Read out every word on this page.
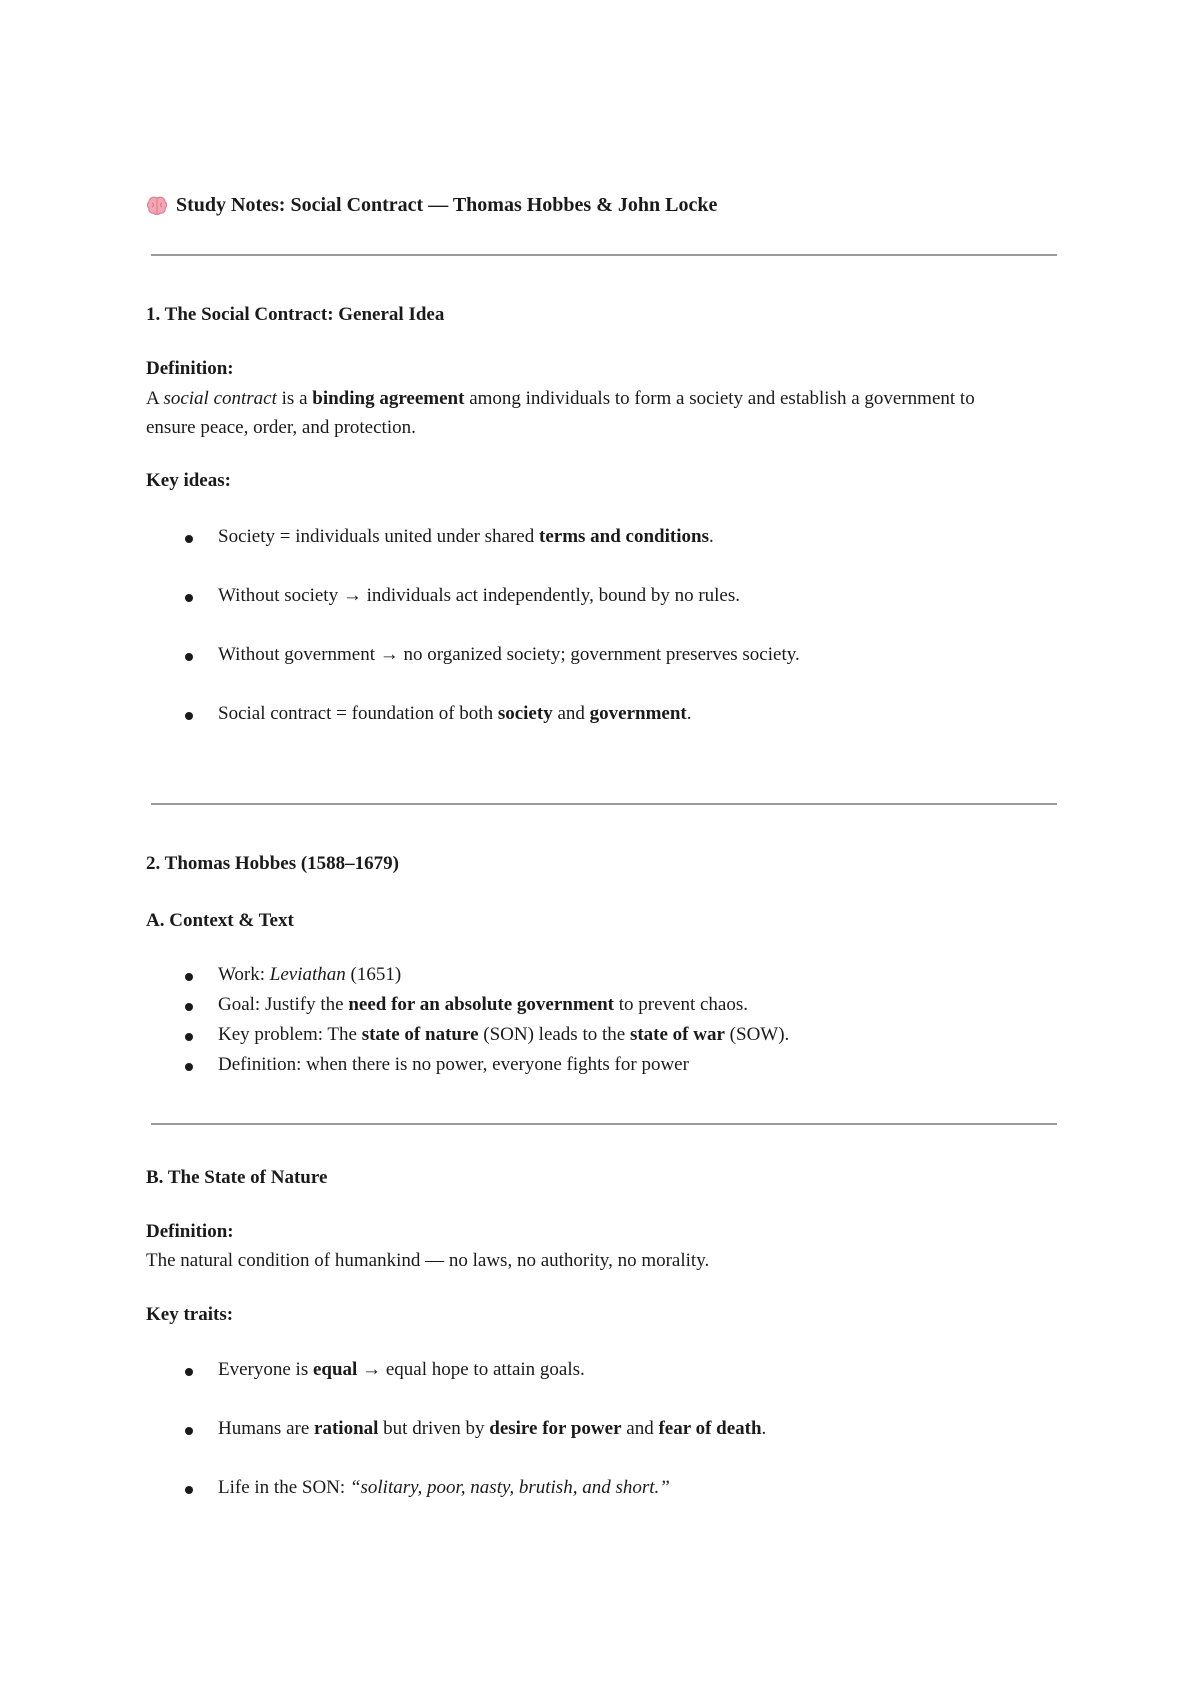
Study Notes: Social Contract — Thomas Hobbes & John Locke
1. The Social Contract: General Idea
Definition:
A social contract is a binding agreement among individuals to form a society and establish a government to ensure peace, order, and protection.
Key ideas:
Society = individuals united under shared terms and conditions.
Without society → individuals act independently, bound by no rules.
Without government → no organized society; government preserves society.
Social contract = foundation of both society and government.
2. Thomas Hobbes (1588–1679)
A. Context & Text
Work: Leviathan (1651)
Goal: Justify the need for an absolute government to prevent chaos.
Key problem: The state of nature (SON) leads to the state of war (SOW).
Definition: when there is no power, everyone fights for power
B. The State of Nature
Definition:
The natural condition of humankind — no laws, no authority, no morality.
Key traits:
Everyone is equal → equal hope to attain goals.
Humans are rational but driven by desire for power and fear of death.
Life in the SON: “solitary, poor, nasty, brutish, and short.”
